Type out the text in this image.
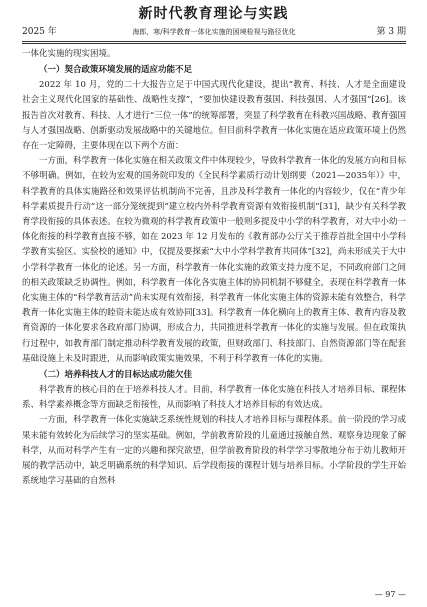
新时代教育理论与实践
2025 年	海郎，寒/科学教育一体化实施的困境检视与路径优化	第 3 期

一体化实施的现实困境。

（一）契合政策环境发展的适应功能不足

2022 年 10 月，党的二十大报告立足于中国式现代化建设，提出“教育、科技、人才是全面建设社会主义现代化国家的基础性、战略性支撑”，“要加快建设教育强国、科技强国、人才强国”[26]。该报告首次对教育、科技、人才进行“三位一体”的统筹部署，突显了科学教育在科教兴国战略、教育强国与人才强国战略、创新驱动发展战略中的关键地位。但目前科学教育一体化实施在适应政策环境上仍然存在一定障碍，主要体现在以下两个方面：

一方面，科学教育一体化实施在相关政策文件中体现较少，导致科学教育一体化的发展方向和目标不够明确。例如，在较为宏观的国务院印发的《全民科学素质行动计划纲要（2021—2035年）》中，科学教育的具体实施路径和效果评估机制尚不完善，且涉及科学教育一体化的内容较少，仅在“青少年科学素质提升行动”这一部分笼统提到“建立校内外科学教育资源有效衔接机制”[31]，缺少有关科学教育学段衔接的具体表述。在较为微观的科学教育政策中一般则多提及中小学的科学教育，对大中小幼一体化衔接的科学教育直接不够，如在 2023 年 12 月发布的《教育部办公厅关于推荐首批全国中小学科学教育实验区、实验校的通知》中，仅提及要探索“大中小学科学教育共同体”[32]，尚未形成关于大中小学科学教育一体化的论述。另一方面，科学教育一体化实施的政策支持力度不足，不同政府部门之间的相关政策缺乏协调性。例如，科学教育一体化各实施主体的协同机制不够健全，表现在科学教育一体化实施主体的“科学教育活动”尚未实现有效衔接，科学教育一体化实施主体的资源未能有效整合，科学教育一体化实施主体的睦资未能达成有效协同[33]。科学教育一体化横向上的教育主体、教育内容及教育资源的一体化要求各政府部门协调，形成合力，共同推进科学教育一体化的实施与发展。但在政策执行过程中，如教育部门制定推动科学教育发展的政策，但财政部门、科技部门、自然资源部门等在配套基础设施上未及时跟进，从而影响政策实施效果，不利于科学教育一体化的实施。

（二）培养科技人才的目标达成功能欠佳

科学教育的核心目的在于培养科技人才。目前，科学教育一体化实施在科技人才培养目标、课程体系、科学素养概念等方面缺乏衔接性，从而影响了科技人才培养目标的有效达成。

一方面，科学教育一体化实施缺乏系统性规划的科技人才培养目标与课程体系。前一阶段的学习成果未能有效转化为后续学习的坚实基础。例如，学前教育阶段的儿童通过接触自然、观察身边现象了解科学，从而对科学产生有一定的兴趣和探究欲望，但学前教育阶段的科学学习零散地分布于幼儿教师开展的教学活动中，缺乏明确系统的科学知识、后学段衔接的课程计划与培养目标。小学阶段的学生开始系统地学习基础的自然科

— 97 —
